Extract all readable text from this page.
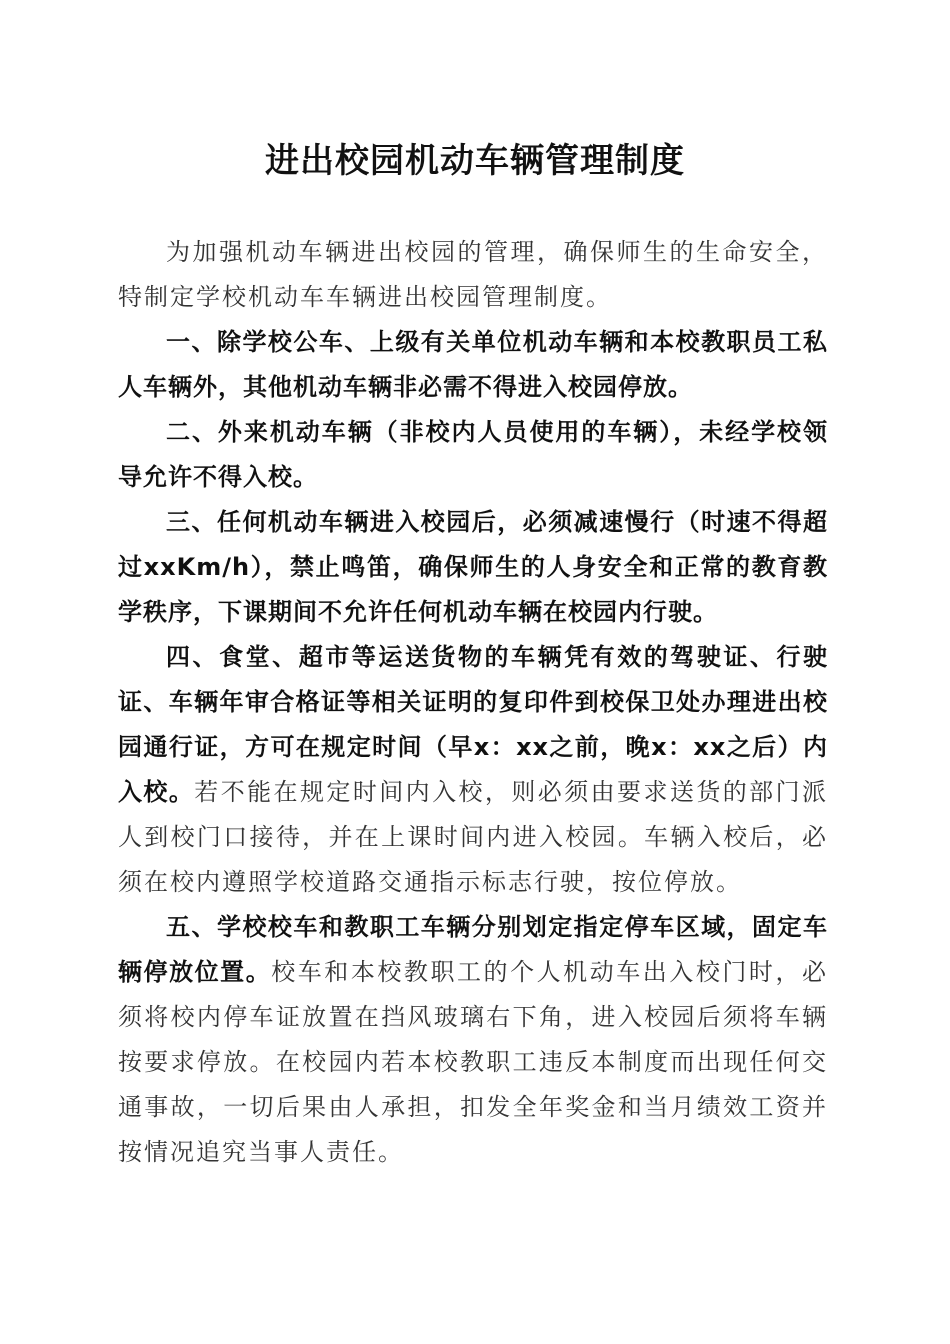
进出校园机动车辆管理制度

为加强机动车辆进出校园的管理，确保师生的生命安全，特制定学校机动车车辆进出校园管理制度。

一、除学校公车、上级有关单位机动车辆和本校教职员工私人车辆外，其他机动车辆非必需不得进入校园停放。

二、外来机动车辆（非校内人员使用的车辆），未经学校领导允许不得入校。

三、任何机动车辆进入校园后，必须减速慢行（时速不得超过xxKm/h），禁止鸣笛，确保师生的人身安全和正常的教育教学秩序，下课期间不允许任何机动车辆在校园内行驶。

四、食堂、超市等运送货物的车辆凭有效的驾驶证、行驶证、车辆年审合格证等相关证明的复印件到校保卫处办理进出校园通行证，方可在规定时间（早x：xx之前，晚x：xx之后）内入校。若不能在规定时间内入校，则必须由要求送货的部门派人到校门口接待，并在上课时间内进入校园。车辆入校后，必须在校内遵照学校道路交通指示标志行驶，按位停放。

五、学校校车和教职工车辆分别划定指定停车区域，固定车辆停放位置。校车和本校教职工的个人机动车出入校门时，必须将校内停车证放置在挡风玻璃右下角，进入校园后须将车辆按要求停放。在校园内若本校教职工违反本制度而出现任何交通事故，一切后果由人承担，扣发全年奖金和当月绩效工资并按情况追究当事人责任。
